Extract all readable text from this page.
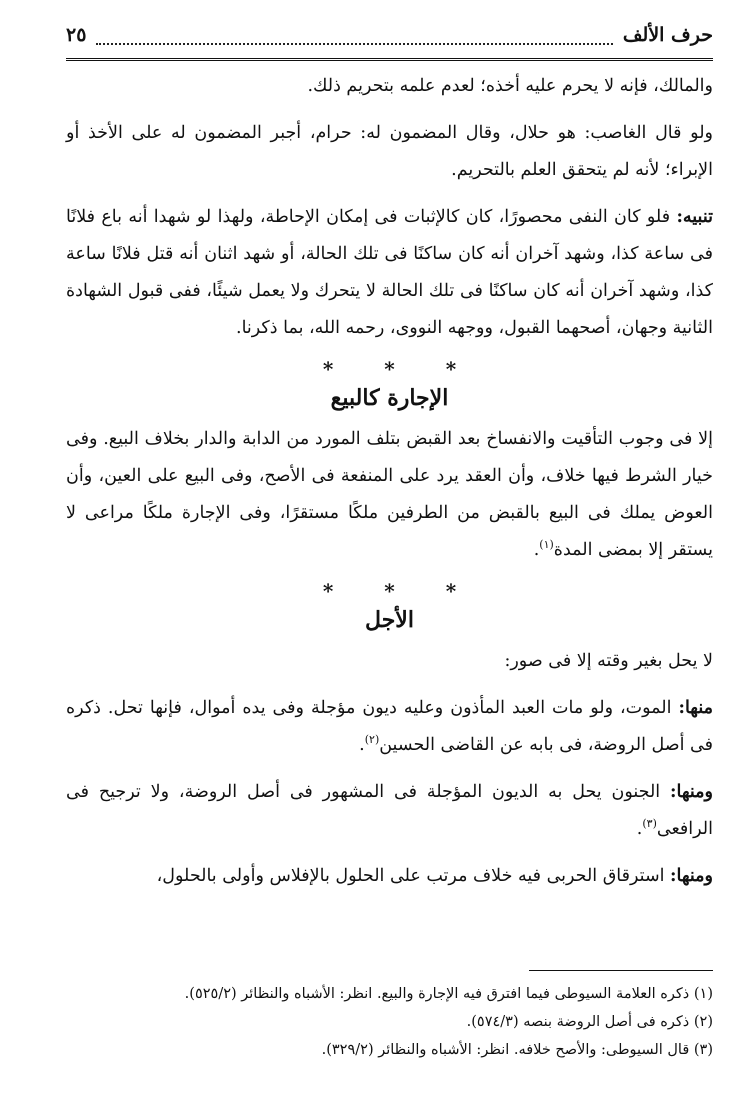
حرف الألف
٢٥

والمالك، فإنه لا يحرم عليه أخذه؛ لعدم علمه بتحريم ذلك.

ولو قال الغاصب: هو حلال، وقال المضمون له: حرام، أجبر المضمون له على الأخذ أو الإبراء؛ لأنه لم يتحقق العلم بالتحريم.

تنبيه: فلو كان النفى محصورًا، كان كالإثبات فى إمكان الإحاطة، ولهذا لو شهدا أنه باع فلانًا فى ساعة كذا، وشهد آخران أنه كان ساكنًا فى تلك الحالة، أو شهد اثنان أنه قتل فلانًا ساعة كذا، وشهد آخران أنه كان ساكنًا فى تلك الحالة لا يتحرك ولا يعمل شيئًا، ففى قبول الشهادة الثانية وجهان، أصحهما القبول، ووجهه النووى، رحمه الله، بما ذكرنا.

* * *
الإجارة كالبيع

إلا فى وجوب التأقيت والانفساخ بعد القبض بتلف المورد من الدابة والدار بخلاف البيع. وفى خيار الشرط فيها خلاف، وأن العقد يرد على المنفعة فى الأصح، وفى البيع على العين، وأن العوض يملك فى البيع بالقبض من الطرفين ملكًا مستقرًا، وفى الإجارة ملكًا مراعى لا يستقر إلا بمضى المدة$^{(١)}$.

* * *
الأجل

لا يحل بغير وقته إلا فى صور:

منها: الموت، ولو مات العبد المأذون وعليه ديون مؤجلة وفى يده أموال، فإنها تحل. ذكره فى أصل الروضة، فى بابه عن القاضى الحسين$^{(٢)}$.

ومنها: الجنون يحل به الديون المؤجلة فى المشهور فى أصل الروضة، ولا ترجيح فى الرافعى$^{(٣)}$.

ومنها: استرقاق الحربى فيه خلاف مرتب على الحلول بالإفلاس وأولى بالحلول،

(١) ذكره العلامة السيوطى فيما افترق فيه الإجارة والبيع. انظر: الأشباه والنظائر (٥٢٥/٢).

(٢) ذكره فى أصل الروضة بنصه (٥٧٤/٣).

(٣) قال السيوطى: والأصح خلافه. انظر: الأشباه والنظائر (٣٢٩/٢).
